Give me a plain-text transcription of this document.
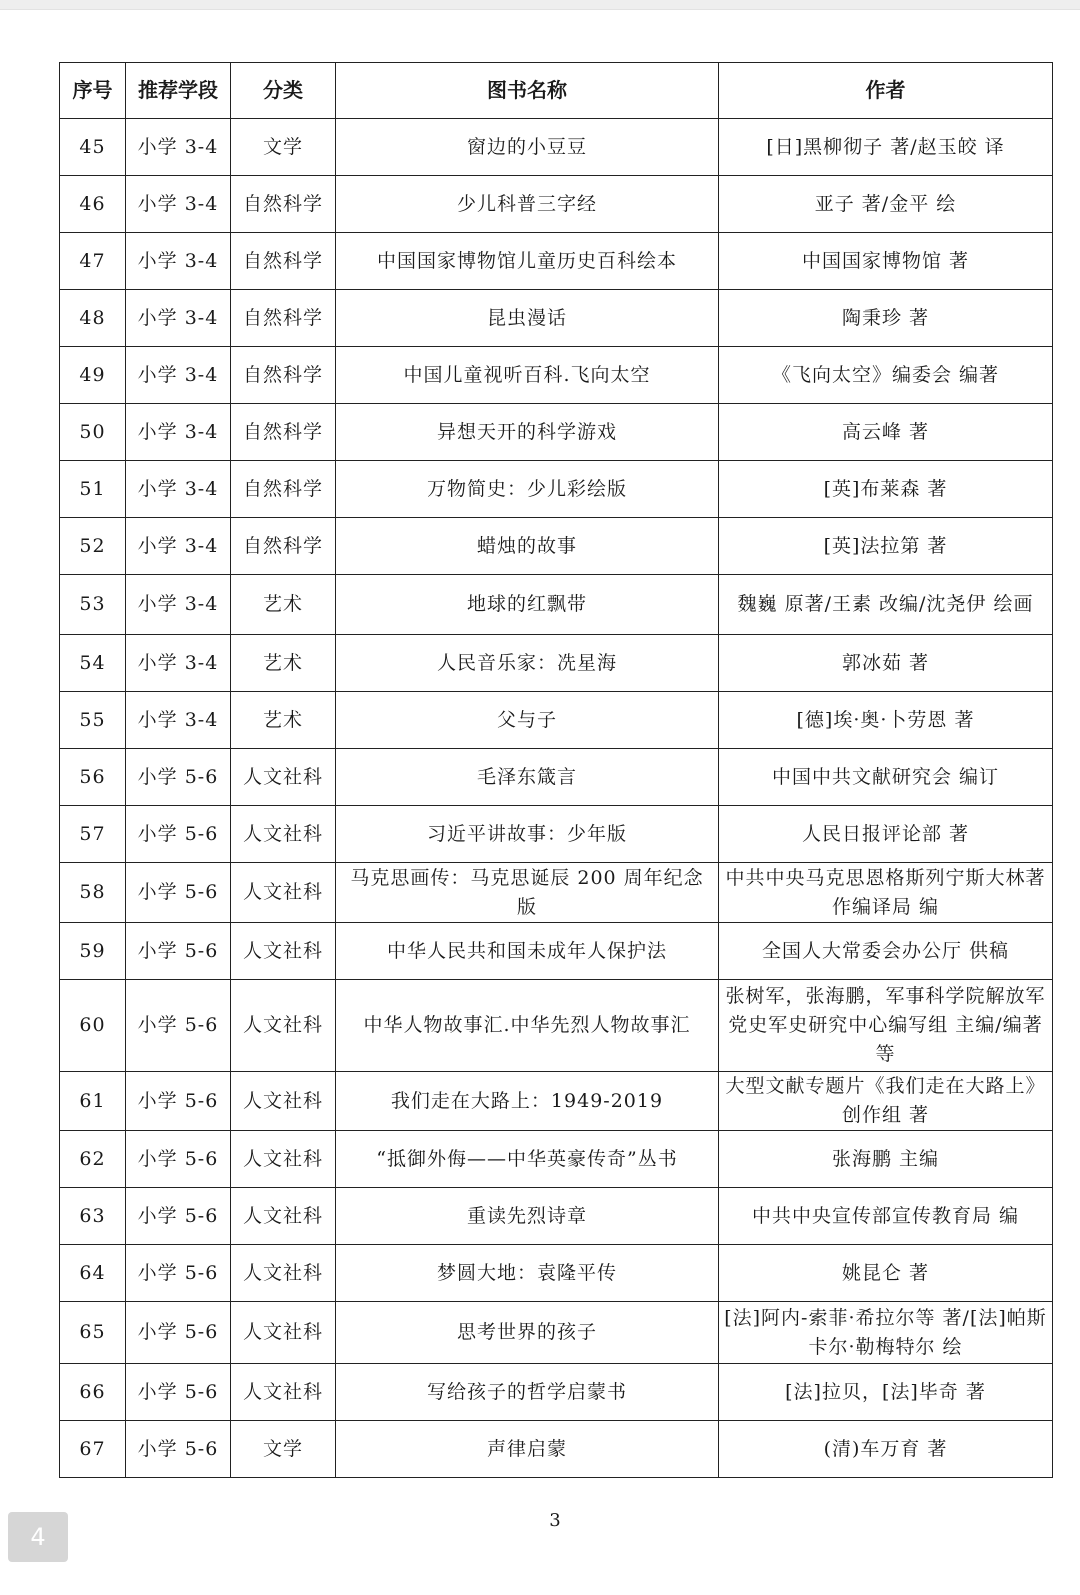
序号	推荐学段	分类	图书名称	作者
45	小学 3-4	文学	窗边的小豆豆	[日]黑柳彻子 著/赵玉皎 译
46	小学 3-4	自然科学	少儿科普三字经	亚子 著/金平 绘
47	小学 3-4	自然科学	中国国家博物馆儿童历史百科绘本	中国国家博物馆 著
48	小学 3-4	自然科学	昆虫漫话	陶秉珍 著
49	小学 3-4	自然科学	中国儿童视听百科.飞向太空	《飞向太空》编委会 编著
50	小学 3-4	自然科学	异想天开的科学游戏	高云峰 著
51	小学 3-4	自然科学	万物简史：少儿彩绘版	[英]布莱森 著
52	小学 3-4	自然科学	蜡烛的故事	[英]法拉第 著
53	小学 3-4	艺术	地球的红飘带	魏巍 原著/王素 改编/沈尧伊 绘画
54	小学 3-4	艺术	人民音乐家：冼星海	郭冰茹 著
55	小学 3-4	艺术	父与子	[德]埃·奥·卜劳恩 著
56	小学 5-6	人文社科	毛泽东箴言	中国中共文献研究会 编订
57	小学 5-6	人文社科	习近平讲故事：少年版	人民日报评论部 著
58	小学 5-6	人文社科	马克思画传：马克思诞辰 200 周年纪念版	中共中央马克思恩格斯列宁斯大林著作编译局 编
59	小学 5-6	人文社科	中华人民共和国未成年人保护法	全国人大常委会办公厅 供稿
60	小学 5-6	人文社科	中华人物故事汇.中华先烈人物故事汇	张树军，张海鹏，军事科学院解放军党史军史研究中心编写组 主编/编著 等
61	小学 5-6	人文社科	我们走在大路上：1949-2019	大型文献专题片《我们走在大路上》创作组 著
62	小学 5-6	人文社科	“抵御外侮——中华英豪传奇”丛书	张海鹏 主编
63	小学 5-6	人文社科	重读先烈诗章	中共中央宣传部宣传教育局 编
64	小学 5-6	人文社科	梦圆大地：袁隆平传	姚昆仑 著
65	小学 5-6	人文社科	思考世界的孩子	[法]阿内-索菲·希拉尔等 著/[法]帕斯卡尔·勒梅特尔 绘
66	小学 5-6	人文社科	写给孩子的哲学启蒙书	[法]拉贝，[法]毕奇 著
67	小学 5-6	文学	声律启蒙	(清)车万育 著
3
4
